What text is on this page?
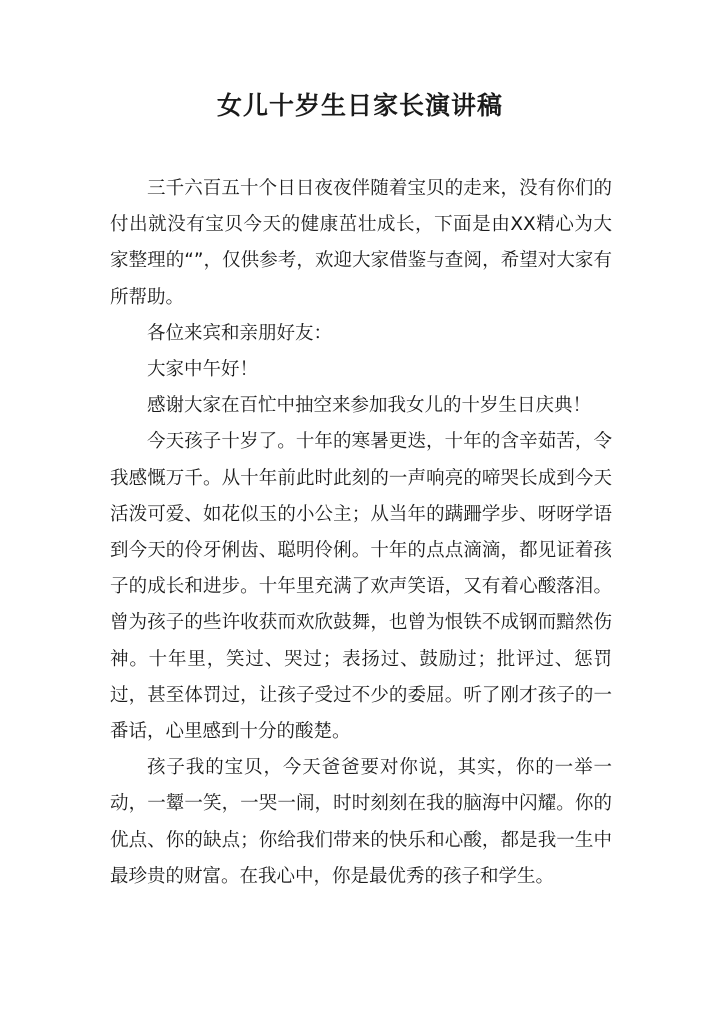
女儿十岁生日家长演讲稿

三千六百五十个日日夜夜伴随着宝贝的走来，没有你们的付出就没有宝贝今天的健康茁壮成长，下面是由XX精心为大家整理的“”，仅供参考，欢迎大家借鉴与查阅，希望对大家有所帮助。

各位来宾和亲朋好友：

大家中午好！

感谢大家在百忙中抽空来参加我女儿的十岁生日庆典！

今天孩子十岁了。十年的寒暑更迭，十年的含辛茹苦，令我感慨万千。从十年前此时此刻的一声响亮的啼哭长成到今天活泼可爱、如花似玉的小公主；从当年的蹒跚学步、呀呀学语到今天的伶牙俐齿、聪明伶俐。十年的点点滴滴，都见证着孩子的成长和进步。十年里充满了欢声笑语，又有着心酸落泪。曾为孩子的些许收获而欢欣鼓舞，也曾为恨铁不成钢而黯然伤神。十年里，笑过、哭过；表扬过、鼓励过；批评过、惩罚过，甚至体罚过，让孩子受过不少的委屈。听了刚才孩子的一番话，心里感到十分的酸楚。

孩子我的宝贝，今天爸爸要对你说，其实，你的一举一动，一颦一笑，一哭一闹，时时刻刻在我的脑海中闪耀。你的优点、你的缺点；你给我们带来的快乐和心酸，都是我一生中最珍贵的财富。在我心中，你是最优秀的孩子和学生。
